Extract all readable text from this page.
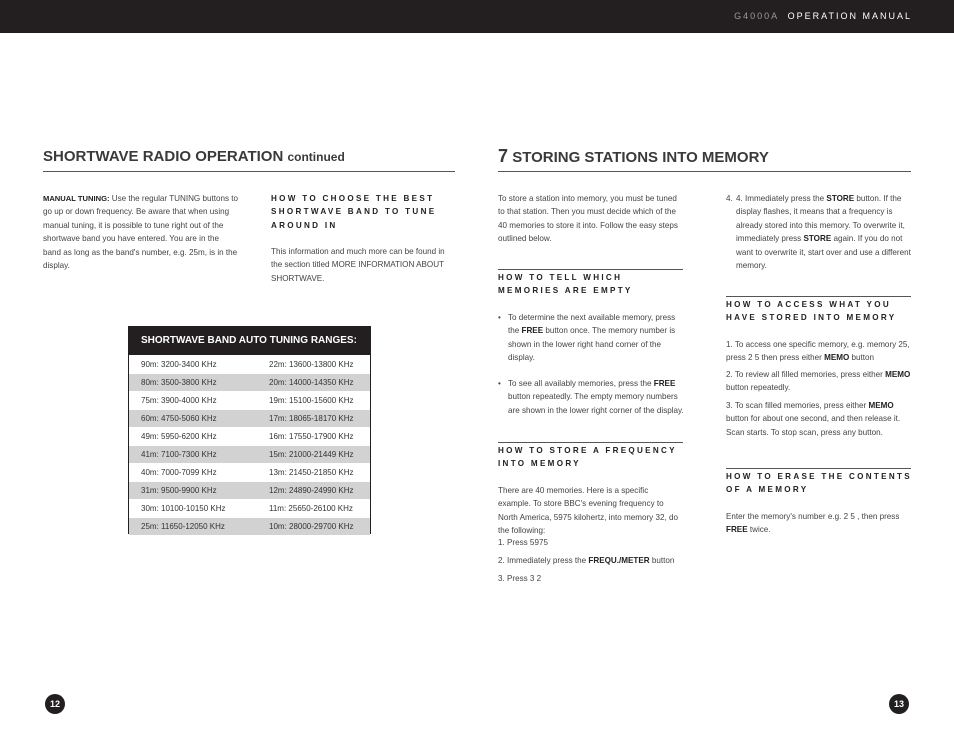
G4000A OPERATION MANUAL
SHORTWAVE RADIO OPERATION continued
MANUAL TUNING: Use the regular TUNING buttons to go up or down frequency. Be aware that when using manual tuning, it is possible to tune right out of the shortwave band you have entered. You are in the band as long as the band's number, e.g. 25m, is in the display.
HOW TO CHOOSE THE BEST SHORTWAVE BAND TO TUNE AROUND IN
This information and much more can be found in the section titled MORE INFORMATION ABOUT SHORTWAVE.
SHORTWAVE BAND AUTO TUNING RANGES:
90m: 3200-3400 KHz	22m: 13600-13800 KHz
80m: 3500-3800 KHz	20m: 14000-14350 KHz
75m: 3900-4000 KHz	19m: 15100-15600 KHz
60m: 4750-5060 KHz	17m: 18065-18170 KHz
49m: 5950-6200 KHz	16m: 17550-17900 KHz
41m: 7100-7300 KHz	15m: 21000-21449 KHz
40m: 7000-7099 KHz	13m: 21450-21850 KHz
31m: 9500-9900 KHz	12m: 24890-24990 KHz
30m: 10100-10150 KHz	11m: 25650-26100 KHz
25m: 11650-12050 KHz	10m: 28000-29700 KHz
12
7 STORING STATIONS INTO MEMORY
To store a station into memory, you must be tuned to that station. Then you must decide which of the 40 memories to store it into. Follow the easy steps outlined below.
HOW TO TELL WHICH MEMORIES ARE EMPTY
• To determine the next available memory, press the FREE button once. The memory number is shown in the lower right hand corner of the display.
• To see all availably memories, press the FREE button repeatedly. The empty memory numbers are shown in the lower right corner of the display.
HOW TO STORE A FREQUENCY INTO MEMORY
There are 40 memories. Here is a specific example. To store BBC's evening frequency to North America, 5975 kilohertz, into memory 32, do the following:
1. Press 5975
2. Immediately press the FREQU./METER button
3. Press 3 2
4. 4. Immediately press the STORE button. If the display flashes, it means that a frequency is already stored into this memory. To overwrite it, immediately press STORE again. If you do not want to overwrite it, start over and use a different memory.
HOW TO ACCESS WHAT YOU HAVE STORED INTO MEMORY
1. To access one specific memory, e.g. memory 25, press 2 5 then press either MEMO button
2. To review all filled memories, press either MEMO button repeatedly.
3. To scan filled memories, press either MEMO button for about one second, and then release it. Scan starts. To stop scan, press any button.
HOW TO ERASE THE CONTENTS OF A MEMORY
Enter the memory's number e.g. 2 5 , then press FREE twice.
13
